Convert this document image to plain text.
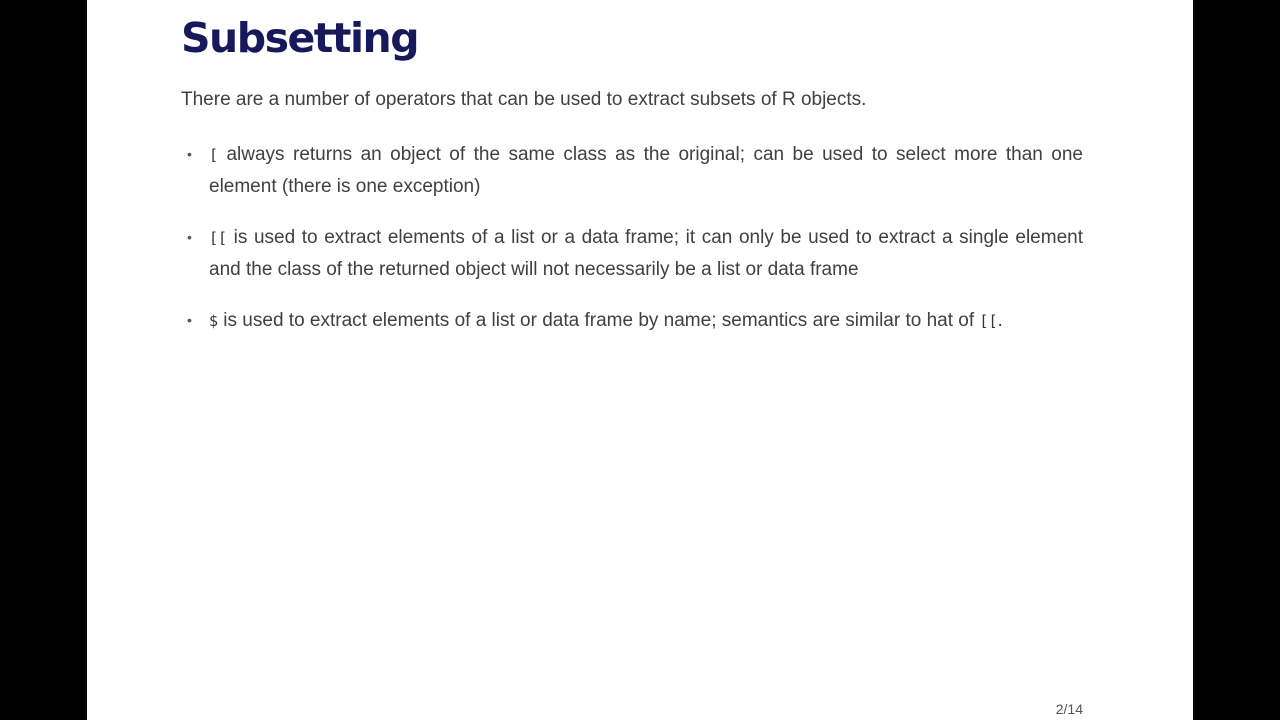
Subsetting

There are a number of operators that can be used to extract subsets of R objects.

• [ always returns an object of the same class as the original; can be used to select more than one element (there is one exception)
• [[ is used to extract elements of a list or a data frame; it can only be used to extract a single element and the class of the returned object will not necessarily be a list or data frame
• $ is used to extract elements of a list or data frame by name; semantics are similar to hat of [[.
2/14
